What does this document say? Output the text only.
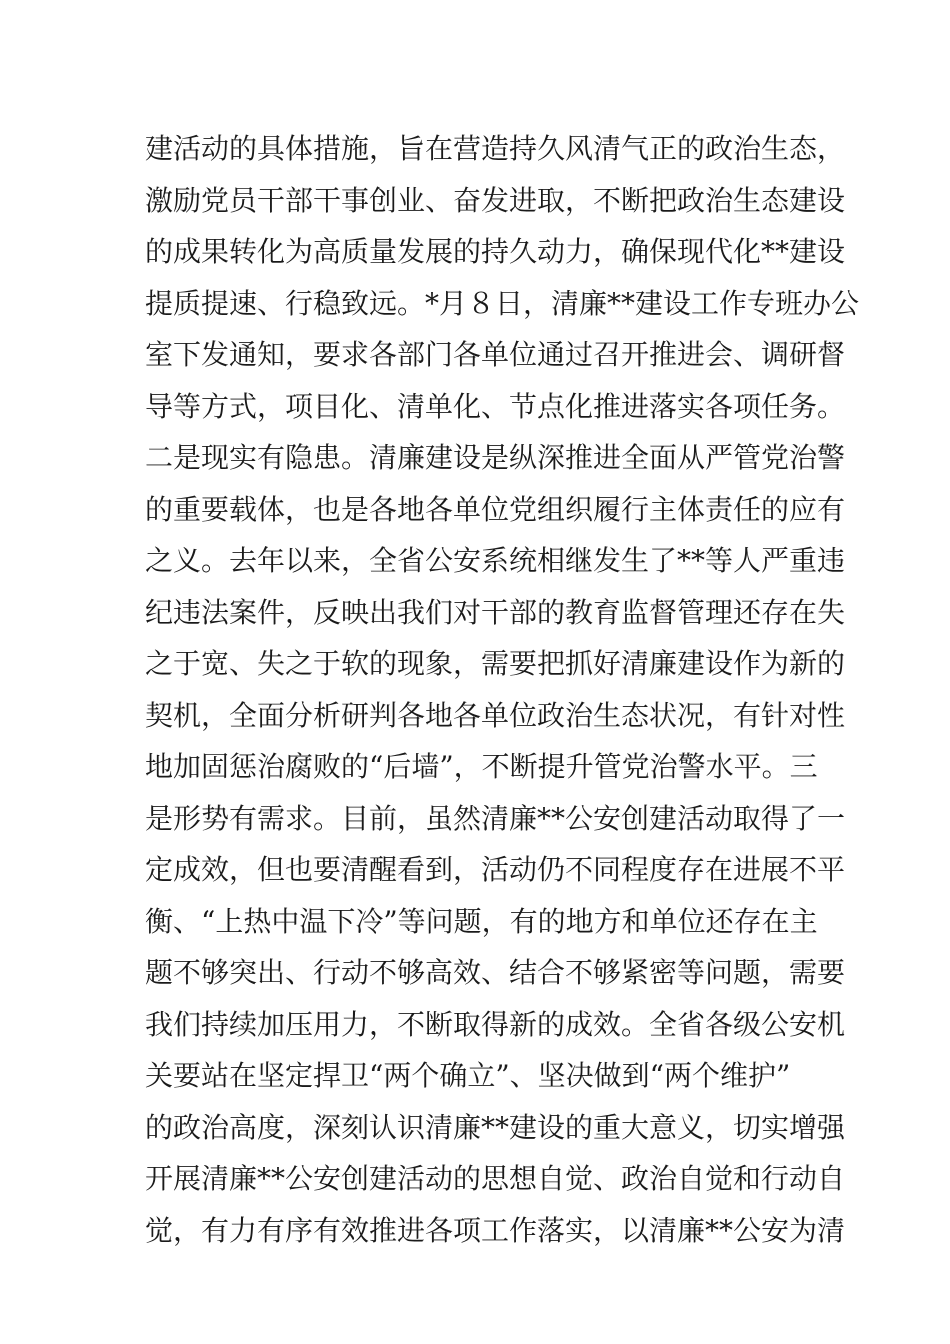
建活动的具体措施，旨在营造持久风清气正的政治生态，
激励党员干部干事创业、奋发进取，不断把政治生态建设
的成果转化为高质量发展的持久动力，确保现代化**建设
提质提速、行稳致远。*月８日，清廉**建设工作专班办公
室下发通知，要求各部门各单位通过召开推进会、调研督
导等方式，项目化、清单化、节点化推进落实各项任务。
二是现实有隐患。清廉建设是纵深推进全面从严管党治警
的重要载体，也是各地各单位党组织履行主体责任的应有
之义。去年以来，全省公安系统相继发生了**等人严重违
纪违法案件，反映出我们对干部的教育监督管理还存在失
之于宽、失之于软的现象，需要把抓好清廉建设作为新的
契机，全面分析研判各地各单位政治生态状况，有针对性
地加固惩治腐败的“后墙”，不断提升管党治警水平。三
是形势有需求。目前，虽然清廉**公安创建活动取得了一
定成效，但也要清醒看到，活动仍不同程度存在进展不平
衡、“上热中温下冷”等问题，有的地方和单位还存在主
题不够突出、行动不够高效、结合不够紧密等问题，需要
我们持续加压用力，不断取得新的成效。全省各级公安机
关要站在坚定捍卫“两个确立”、坚决做到“两个维护”
的政治高度，深刻认识清廉**建设的重大意义，切实增强
开展清廉**公安创建活动的思想自觉、政治自觉和行动自
觉，有力有序有效推进各项工作落实，以清廉**公安为清
